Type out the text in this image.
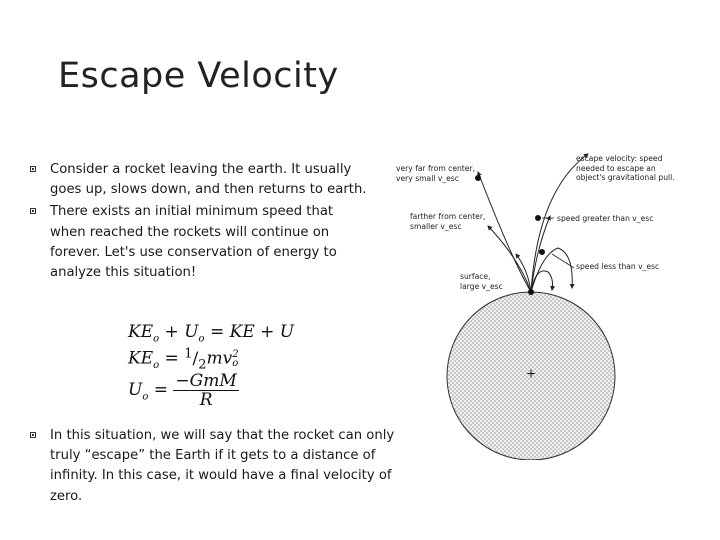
Escape Velocity
Consider a rocket leaving the earth. It usually goes up, slows down, and then returns to earth.
There exists an initial minimum speed that when reached the rockets will continue on forever. Let's use conservation of energy to analyze this situation!
$KE_o + U_o$ = KE + U
$KE_o = ^1/_2mv$ 2
o
$U_o = \frac{\text{−GmM}}{R}$
In this situation, we will say that the rocket can only truly “escape” the Earth if it gets to a distance of infinity. In this case, it would have a final velocity of zero.
+
very far from center,
very small v_esc
farther from center,
smaller v_esc
surface,
large v_esc
escape velocity: speed
needed to escape an
object's gravitational pull.
speed greater than v_esc
speed less than v_esc
